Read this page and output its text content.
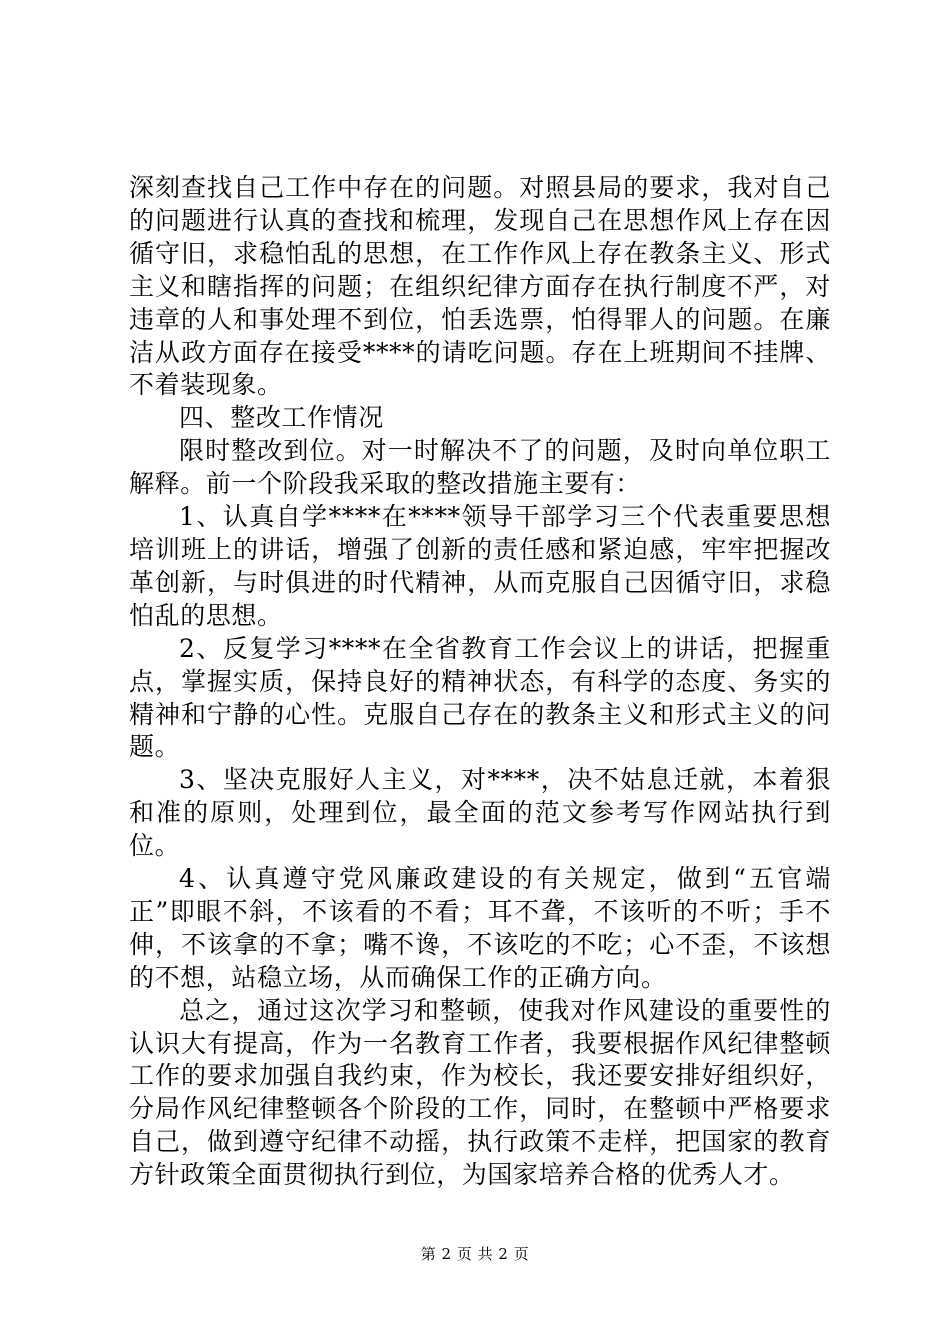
深刻查找自己工作中存在的问题。对照县局的要求，我对自己的问题进行认真的查找和梳理，发现自己在思想作风上存在因循守旧，求稳怕乱的思想，在工作作风上存在教条主义、形式主义和瞎指挥的问题；在组织纪律方面存在执行制度不严，对违章的人和事处理不到位，怕丢选票，怕得罪人的问题。在廉洁从政方面存在接受****的请吃问题。存在上班期间不挂牌、不着装现象。

四、整改工作情况

限时整改到位。对一时解决不了的问题，及时向单位职工解释。前一个阶段我采取的整改措施主要有：

1、认真自学****在****领导干部学习三个代表重要思想培训班上的讲话，增强了创新的责任感和紧迫感，牢牢把握改革创新，与时俱进的时代精神，从而克服自己因循守旧，求稳怕乱的思想。

2、反复学习****在全省教育工作会议上的讲话，把握重点，掌握实质，保持良好的精神状态，有科学的态度、务实的精神和宁静的心性。克服自己存在的教条主义和形式主义的问题。

3、坚决克服好人主义，对****，决不姑息迁就，本着狠和准的原则，处理到位，最全面的范文参考写作网站执行到位。

4、认真遵守党风廉政建设的有关规定，做到“五官端正”即眼不斜，不该看的不看；耳不聋，不该听的不听；手不伸，不该拿的不拿；嘴不谗，不该吃的不吃；心不歪，不该想的不想，站稳立场，从而确保工作的正确方向。

总之，通过这次学习和整顿，使我对作风建设的重要性的认识大有提高，作为一名教育工作者，我要根据作风纪律整顿工作的要求加强自我约束，作为校长，我还要安排好组织好，分局作风纪律整顿各个阶段的工作，同时，在整顿中严格要求自己，做到遵守纪律不动摇，执行政策不走样，把国家的教育方针政策全面贯彻执行到位，为国家培养合格的优秀人才。

第 2 页 共 2 页
